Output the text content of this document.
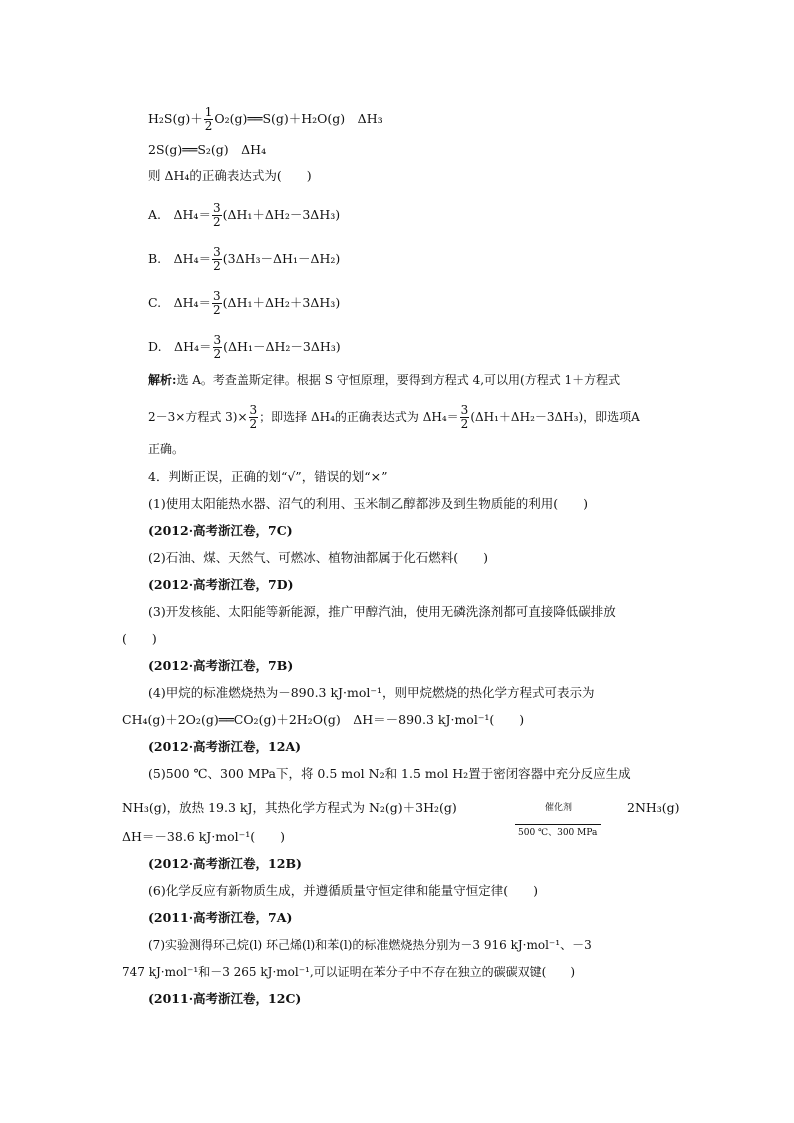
$H_2S(g)+ \frac{1}{2}$ O₂(g)══S(g)＋H₂O(g)　ΔH₃
2S(g)══S₂(g)　ΔH₄
则 ΔH₄的正确表达式为(　　)
A.　$\Delta H_4= \frac{3}{2} (\Delta H_1+\Delta H_2-3\Delta H_3)$
B.　$\Delta H_4= \frac{3}{2} (3\Delta H_3-\Delta H_1-\Delta H_2)$
C.　$\Delta H_4= \frac{3}{2} (\Delta H_1+\Delta H_2+3\Delta H_3)$
D.　$\Delta H_4= \frac{3}{2} (\Delta H_1-\Delta H_2-3\Delta H_3)$
解析:选 A。考查盖斯定律。根据 S 守恒原理，要得到方程式 4,可以用(方程式 1＋方程式
2－3×方程式 $3)\times \frac{3}{2}$ ；即选择 ΔH₄的正确表达式为 $\Delta H_4= \frac{3}{2} (\Delta H_1+\Delta H_2-3\Delta H_3)$，即选项A
正确。
4．判断正误，正确的划“√”，错误的划“×”
(1)使用太阳能热水器、沼气的利用、玉米制乙醇都涉及到生物质能的利用(　　)
(2012·高考浙江卷，7C)
(2)石油、煤、天然气、可燃冰、植物油都属于化石燃料(　　)
(2012·高考浙江卷，7D)
(3)开发核能、太阳能等新能源，推广甲醇汽油，使用无磷洗涤剂都可直接降低碳排放
(　　)
(2012·高考浙江卷，7B)
(4)甲烷的标准燃烧热为－890.3 kJ·mol⁻¹，则甲烷燃烧的热化学方程式可表示为
CH₄(g)＋2O₂(g)══CO₂(g)＋2H₂O(g)　ΔH＝－890.3 kJ·mol⁻¹(　　)
(2012·高考浙江卷，12A)
(5)500 ℃、300 MPa下，将 0.5 mol N₂和 1.5 mol H₂置于密闭容器中充分反应生成
NH₃(g)，放热 19.3 kJ，其热化学方程式为 N₂(g)＋3H₂(g)	催化剂
500 ℃、300 MPa
2NH₃(g)
ΔH＝－38.6 kJ·mol⁻¹(　　)
(2012·高考浙江卷，12B)
(6)化学反应有新物质生成，并遵循质量守恒定律和能量守恒定律(　　)
(2011·高考浙江卷，7A)
(7)实验测得环己烷(l) 环己烯(l)和苯(l)的标准燃烧热分别为－3 916 kJ·mol⁻¹、－3
747 kJ·mol⁻¹和－3 265 kJ·mol⁻¹,可以证明在苯分子中不存在独立的碳碳双键(　　)
(2011·高考浙江卷，12C)
